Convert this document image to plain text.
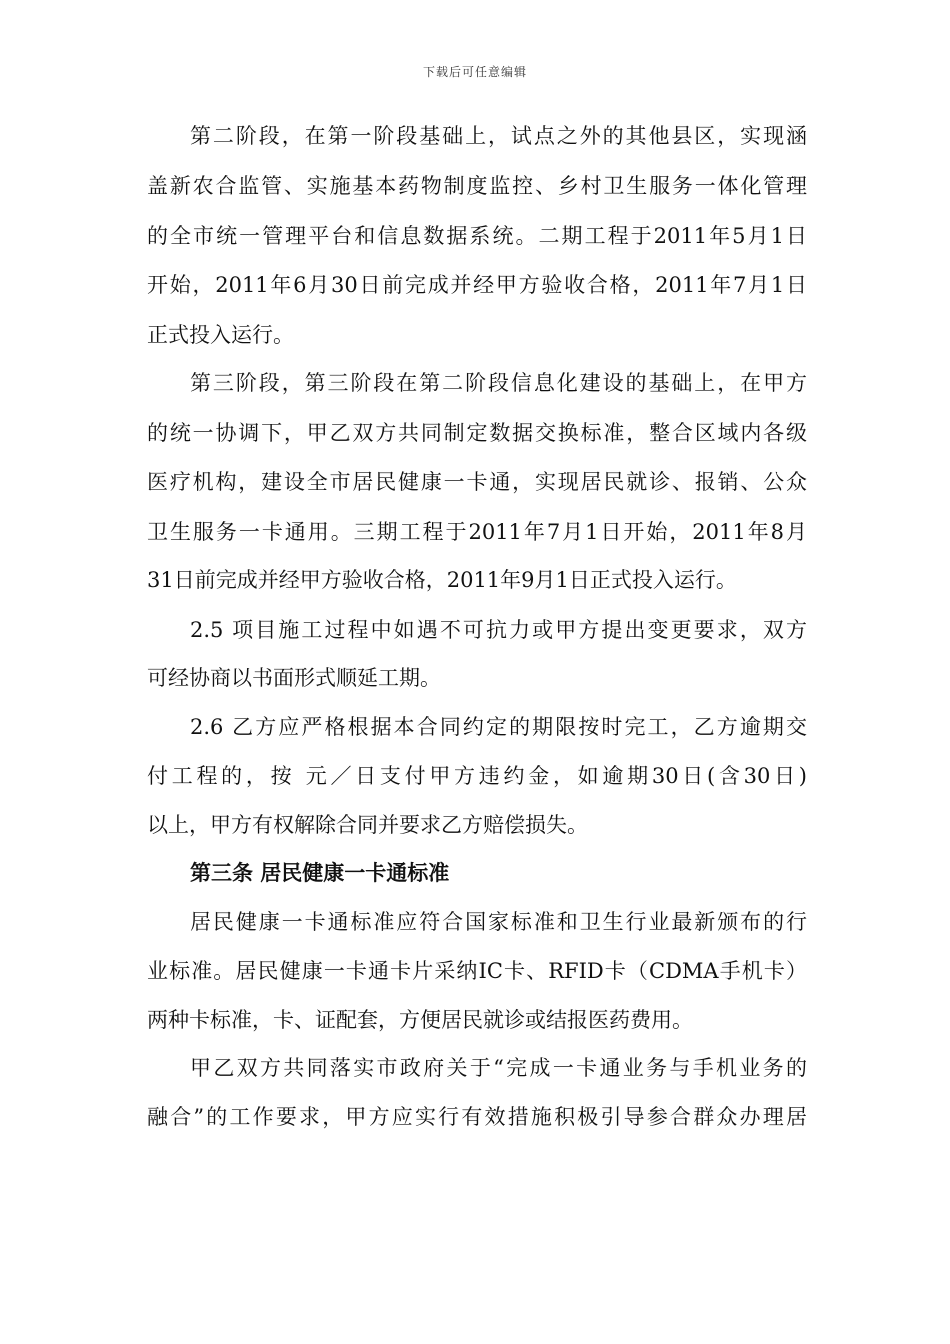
下载后可任意编辑
第二阶段，在第一阶段基础上，试点之外的其他县区，实现涵
盖新农合监管、实施基本药物制度监控、乡村卫生服务一体化管理
的全市统一管理平台和信息数据系统。二期工程于2011年5月1日
开始，2011年6月30日前完成并经甲方验收合格，2011年7月1日
正式投入运行。
第三阶段，第三阶段在第二阶段信息化建设的基础上，在甲方
的统一协调下，甲乙双方共同制定数据交换标准，整合区域内各级
医疗机构，建设全市居民健康一卡通，实现居民就诊、报销、公众
卫生服务一卡通用。三期工程于2011年7月1日开始，2011年8月
31日前完成并经甲方验收合格，2011年9月1日正式投入运行。
2.5 项目施工过程中如遇不可抗力或甲方提出变更要求，双方
可经协商以书面形式顺延工期。
2.6 乙方应严格根据本合同约定的期限按时完工，乙方逾期交
付工程的，按 元／日支付甲方违约金，如逾期30日(含30日)
以上，甲方有权解除合同并要求乙方赔偿损失。
第三条 居民健康一卡通标准
居民健康一卡通标准应符合国家标准和卫生行业最新颁布的行
业标准。居民健康一卡通卡片采纳IC卡、RFID卡（CDMA手机卡）
两种卡标准，卡、证配套，方便居民就诊或结报医药费用。
甲乙双方共同落实市政府关于“完成一卡通业务与手机业务的
融合”的工作要求，甲方应实行有效措施积极引导参合群众办理居
